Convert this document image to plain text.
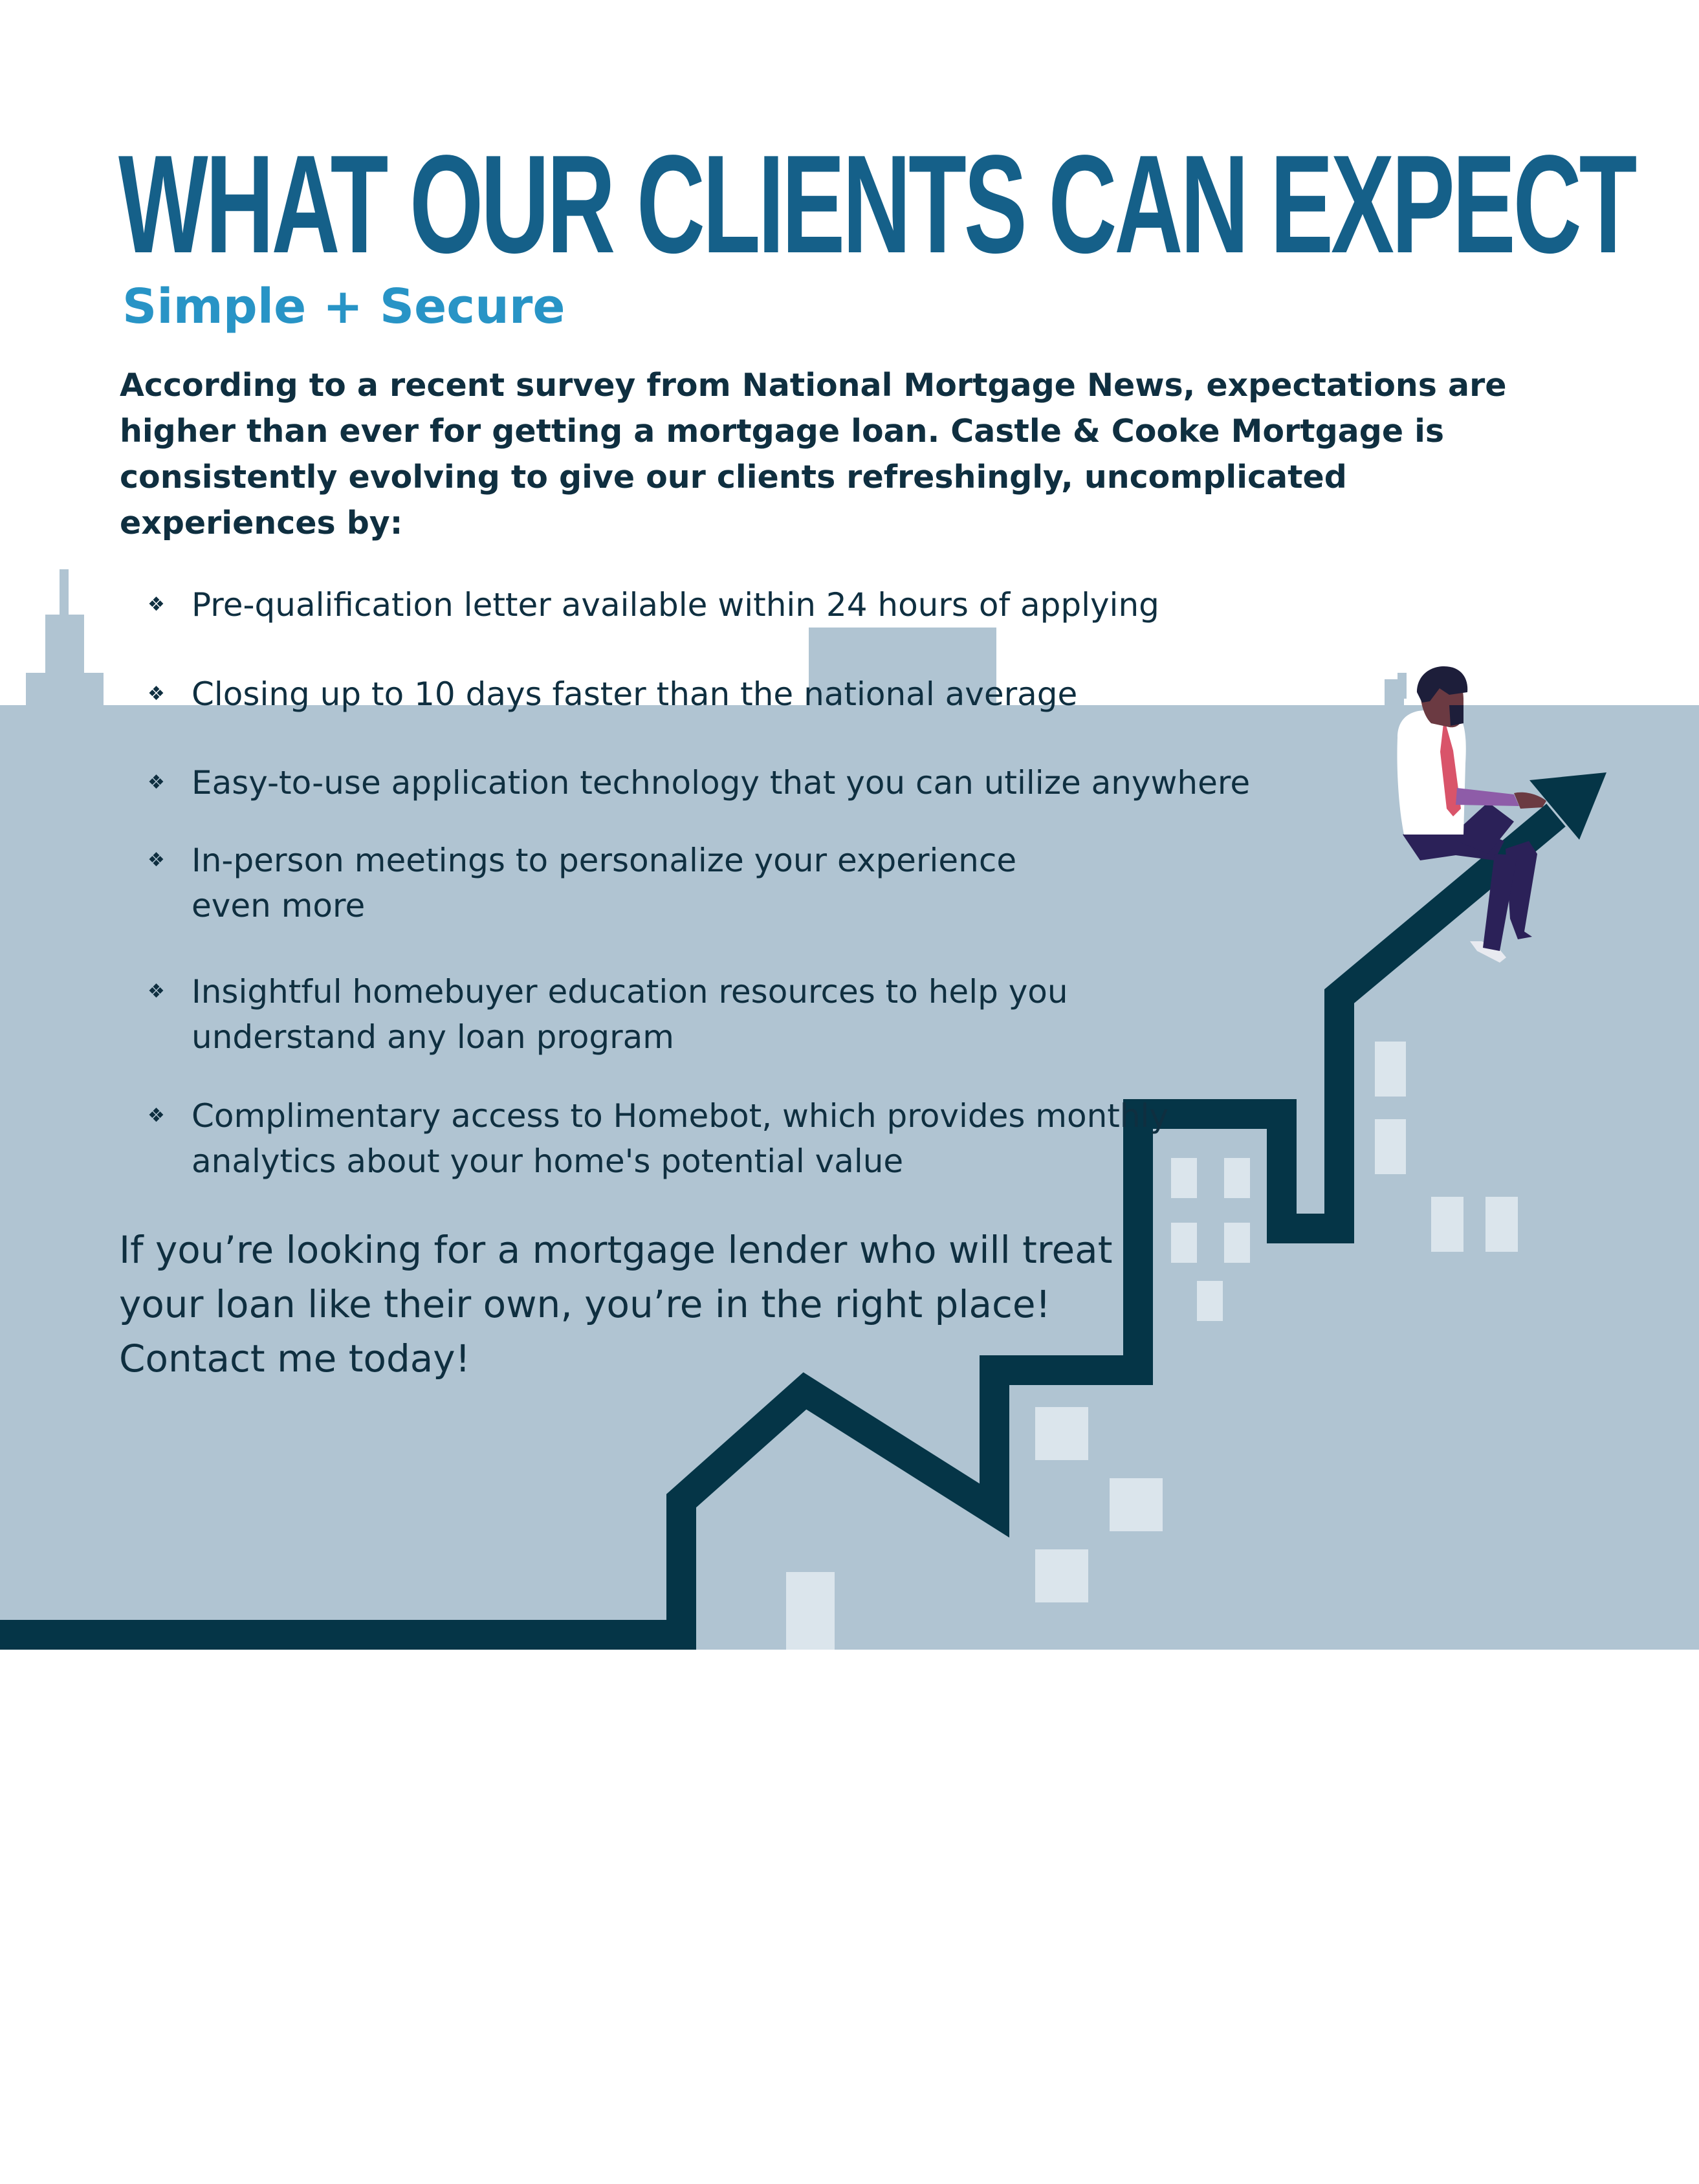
WHAT OUR CLIENTS CAN EXPECT
Simple + Secure

According to a recent survey from National Mortgage News, expectations are higher than ever for getting a mortgage loan. Castle & Cooke Mortgage is consistently evolving to give our clients refreshingly, uncomplicated experiences by:

❖ Pre-qualification letter available within 24 hours of applying
❖ Closing up to 10 days faster than the national average
❖ Easy-to-use application technology that you can utilize anywhere
❖ In-person meetings to personalize your experience even more
❖ Insightful homebuyer education resources to help you understand any loan program
❖ Complimentary access to Homebot, which provides monthly analytics about your home's potential value

If you’re looking for a mortgage lender who will treat your loan like their own, you’re in the right place! Contact me today!
